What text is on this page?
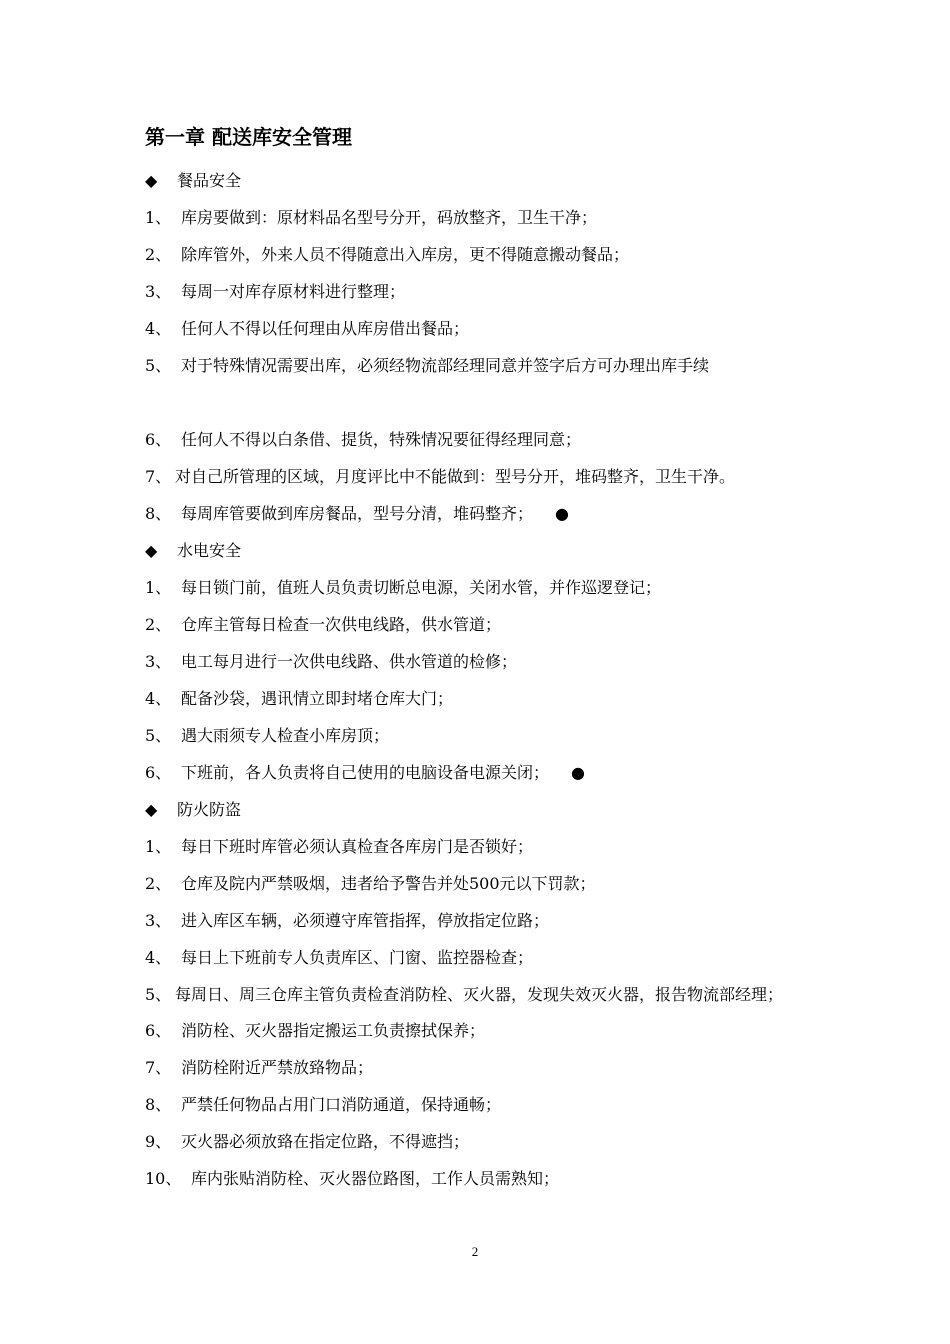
第一章 配送库安全管理
◆ 餐品安全
1、 库房要做到：原材料品名型号分开，码放整齐，卫生干净；
2、 除库管外，外来人员不得随意出入库房，更不得随意搬动餐品；
3、 每周一对库存原材料进行整理；
4、 任何人不得以任何理由从库房借出餐品；
5、 对于特殊情况需要出库，必须经物流部经理同意并签字后方可办理出库手续
6、 任何人不得以白条借、提货，特殊情况要征得经理同意；
7、 对自己所管理的区域，月度评比中不能做到：型号分开，堆码整齐，卫生干净。
8、 每周库管要做到库房餐品，型号分清，堆码整齐； ●
◆ 水电安全
1、 每日锁门前，值班人员负责切断总电源，关闭水管，并作巡逻登记；
2、 仓库主管每日检查一次供电线路，供水管道；
3、 电工每月进行一次供电线路、供水管道的检修；
4、 配备沙袋，遇讯情立即封堵仓库大门；
5、 遇大雨须专人检查小库房顶；
6、 下班前，各人负责将自己使用的电脑设备电源关闭； ●
◆ 防火防盗
1、 每日下班时库管必须认真检查各库房门是否锁好；
2、 仓库及院内严禁吸烟，违者给予警告并处500元以下罚款；
3、 进入库区车辆，必须遵守库管指挥，停放指定位路；
4、 每日上下班前专人负责库区、门窗、监控器检查；
5、 每周日、周三仓库主管负责检查消防栓、灭火器，发现失效灭火器，报告物流部经理；
6、 消防栓、灭火器指定搬运工负责擦拭保养；
7、 消防栓附近严禁放臵物品；
8、 严禁任何物品占用门口消防通道，保持通畅；
9、 灭火器必须放臵在指定位路，不得遮挡；
10、 库内张贴消防栓、灭火器位路图，工作人员需熟知；
2
